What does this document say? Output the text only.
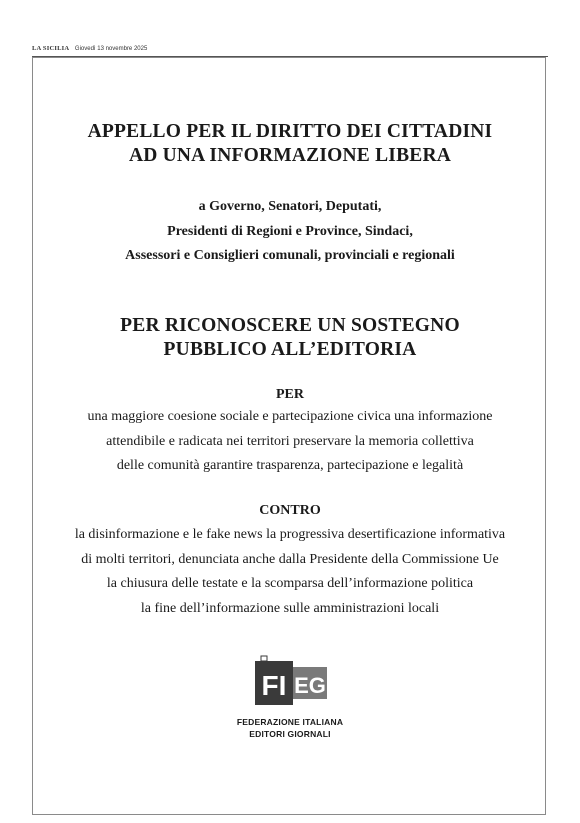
LA SICILIA Giovedì 13 novembre 2025
APPELLO PER IL DIRITTO DEI CITTADINI
AD UNA INFORMAZIONE LIBERA
a Governo, Senatori, Deputati,
Presidenti di Regioni e Province, Sindaci,
Assessori e Consiglieri comunali, provinciali e regionali
PER RICONOSCERE UN SOSTEGNO
PUBBLICO ALL’EDITORIA
PER
una maggiore coesione sociale e partecipazione civica una informazione
attendibile e radicata nei territori preservare la memoria collettiva
delle comunità garantire trasparenza, partecipazione e legalità
CONTRO
la disinformazione e le fake news la progressiva desertificazione informativa
di molti territori, denunciata anche dalla Presidente della Commissione Ue
la chiusura delle testate e la scomparsa dell’informazione politica
la fine dell’informazione sulle amministrazioni locali
FI EG
FEDERAZIONE ITALIANA
EDITORI GIORNALI
